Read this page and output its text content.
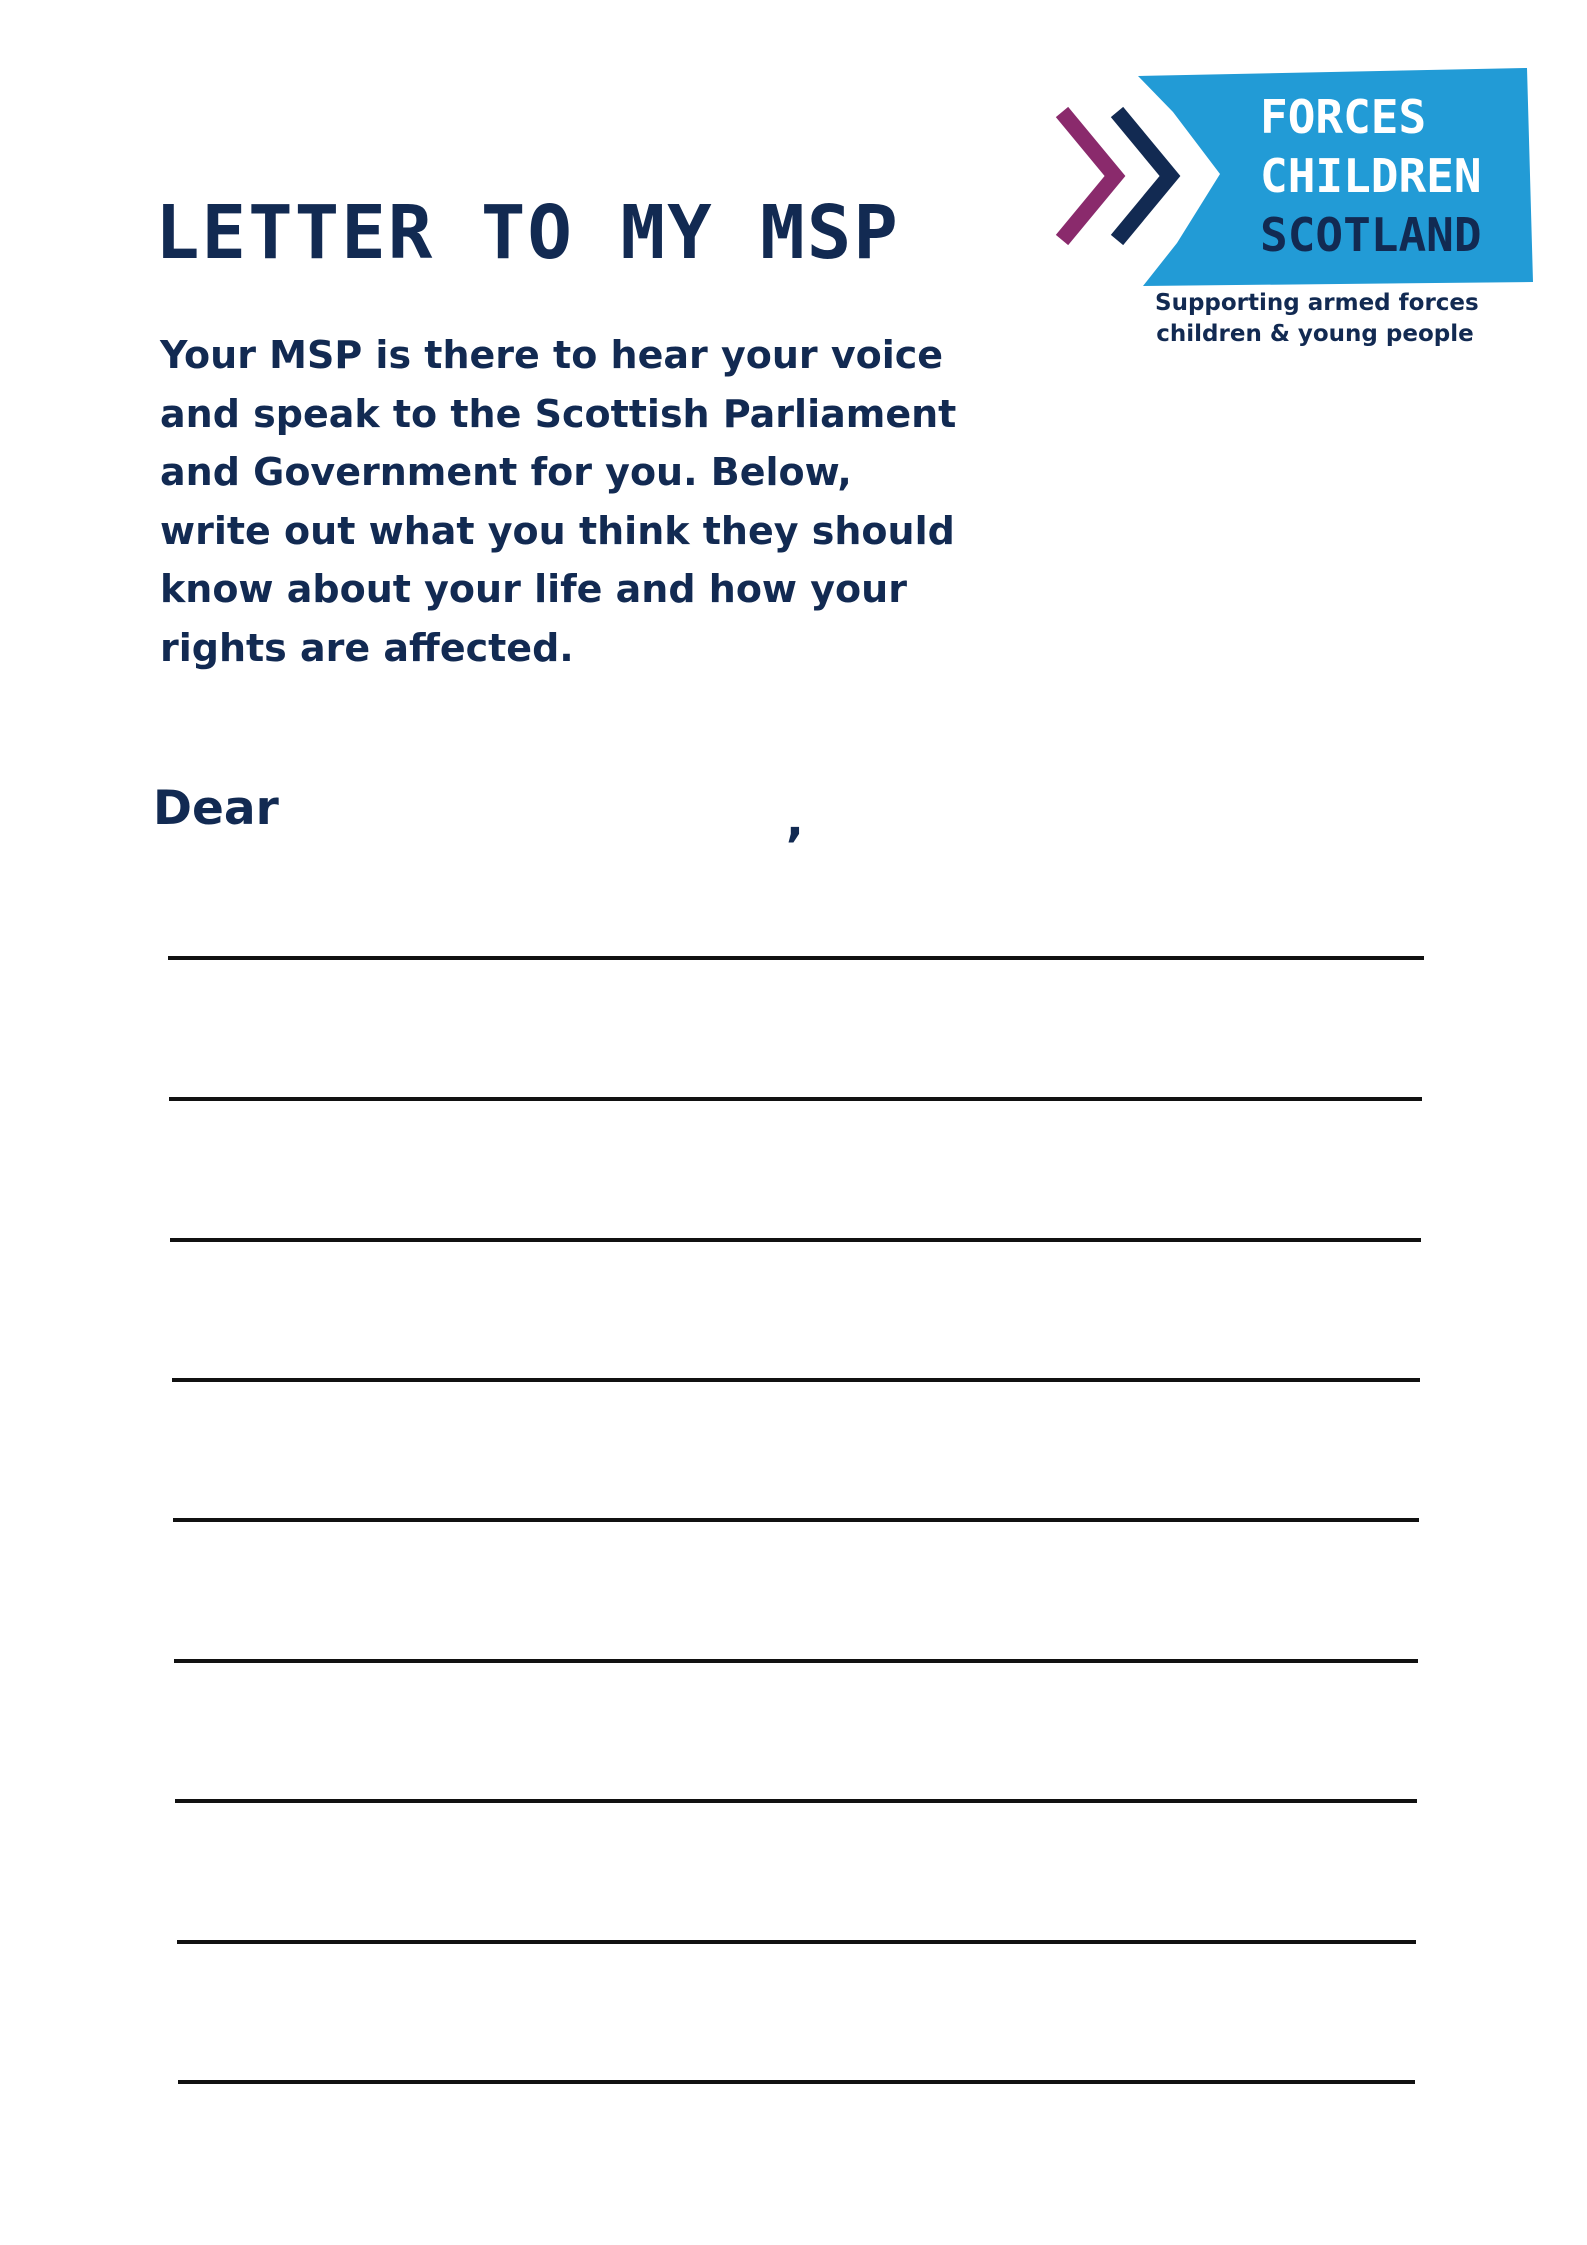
LETTER TO MY MSP
FORCES
CHILDREN
SCOTLAND
Supporting armed forces
children & young people
Your MSP is there to hear your voice
and speak to the Scottish Parliament
and Government for you. Below,
write out what you think they should
know about your life and how your
rights are affected.
Dear	,
